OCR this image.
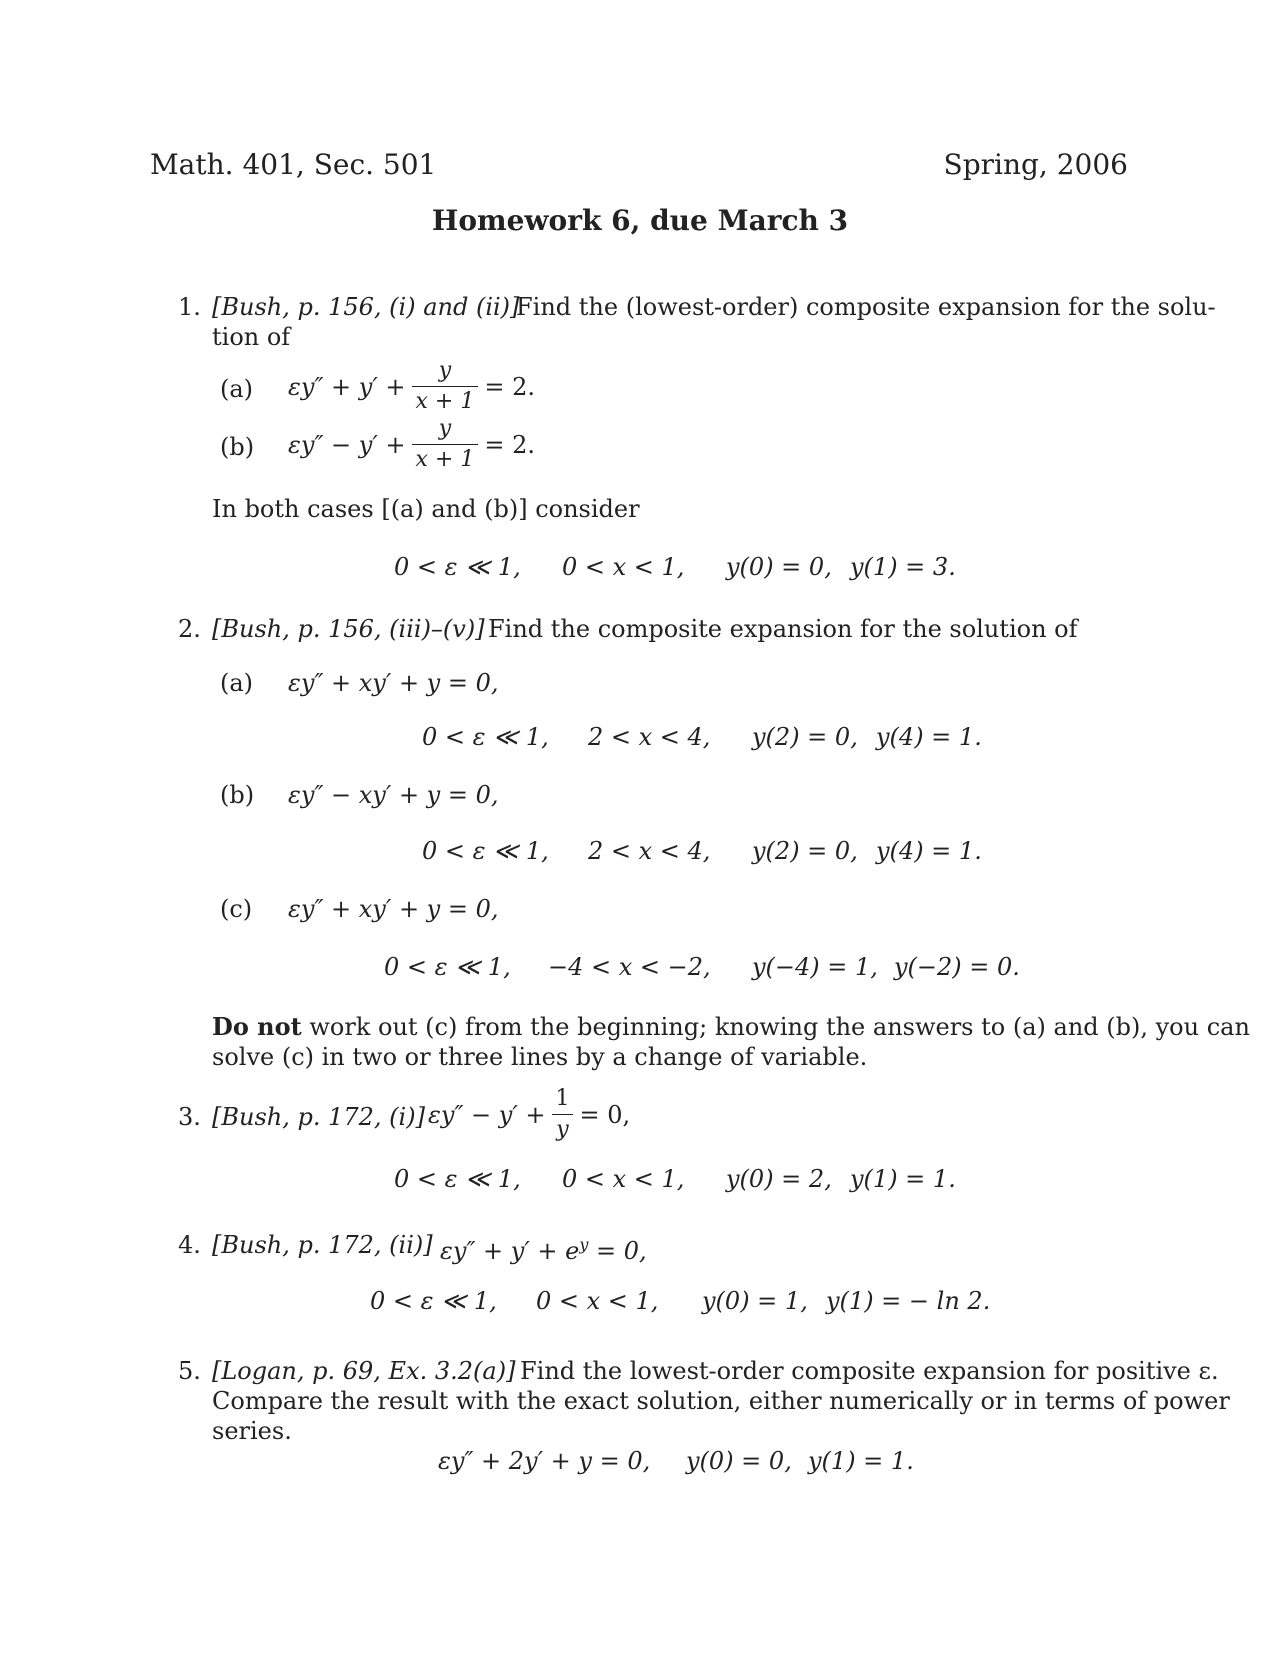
Math. 401, Sec. 501	Spring, 2006
Homework 6, due March 3
1. [Bush, p. 156, (i) and (ii)]
Find the (lowest-order) composite expansion for the solu-
tion of
(a) $\varepsilon y'' + y' + \frac{y}{x + 1} = 2$.
(b) $\varepsilon y'' - y' + \frac{y}{x + 1} = 2$.
In both cases [(a) and (b)] consider
0 < ε ≪ 1, 0 < x < 1, y(0) = 0, y(1) = 3.
2. [Bush, p. 156, (iii)–(v)] Find the composite expansion for the solution of
(a) εy″ + xy′ + y = 0,
0 < ε ≪ 1, 2 < x < 4, y(2) = 0, y(4) = 1.
(b) εy″ − xy′ + y = 0,
0 < ε ≪ 1, 2 < x < 4, y(2) = 0, y(4) = 1.
(c) εy″ + xy′ + y = 0,
0 < ε ≪ 1, −4 < x < −2, y(−4) = 1, y(−2) = 0.
Do not work out (c) from the beginning; knowing the answers to (a) and (b), you can
solve (c) in two or three lines by a change of variable.
3. [Bush, p. 172, (i)] $\varepsilon y'' - y' + \frac{1}{y} = 0$,
0 < ε ≪ 1, 0 < x < 1, y(0) = 2, y(1) = 1.
4. [Bush, p. 172, (ii)] $\varepsilon y'' + y' + e^y = 0$,
0 < ε ≪ 1, 0 < x < 1, y(0) = 1, y(1) = − ln 2.
5. [Logan, p. 69, Ex. 3.2(a)] Find the lowest-order composite expansion for positive ε.
Compare the result with the exact solution, either numerically or in terms of power
series.
εy″ + 2y′ + y = 0, y(0) = 0, y(1) = 1.
